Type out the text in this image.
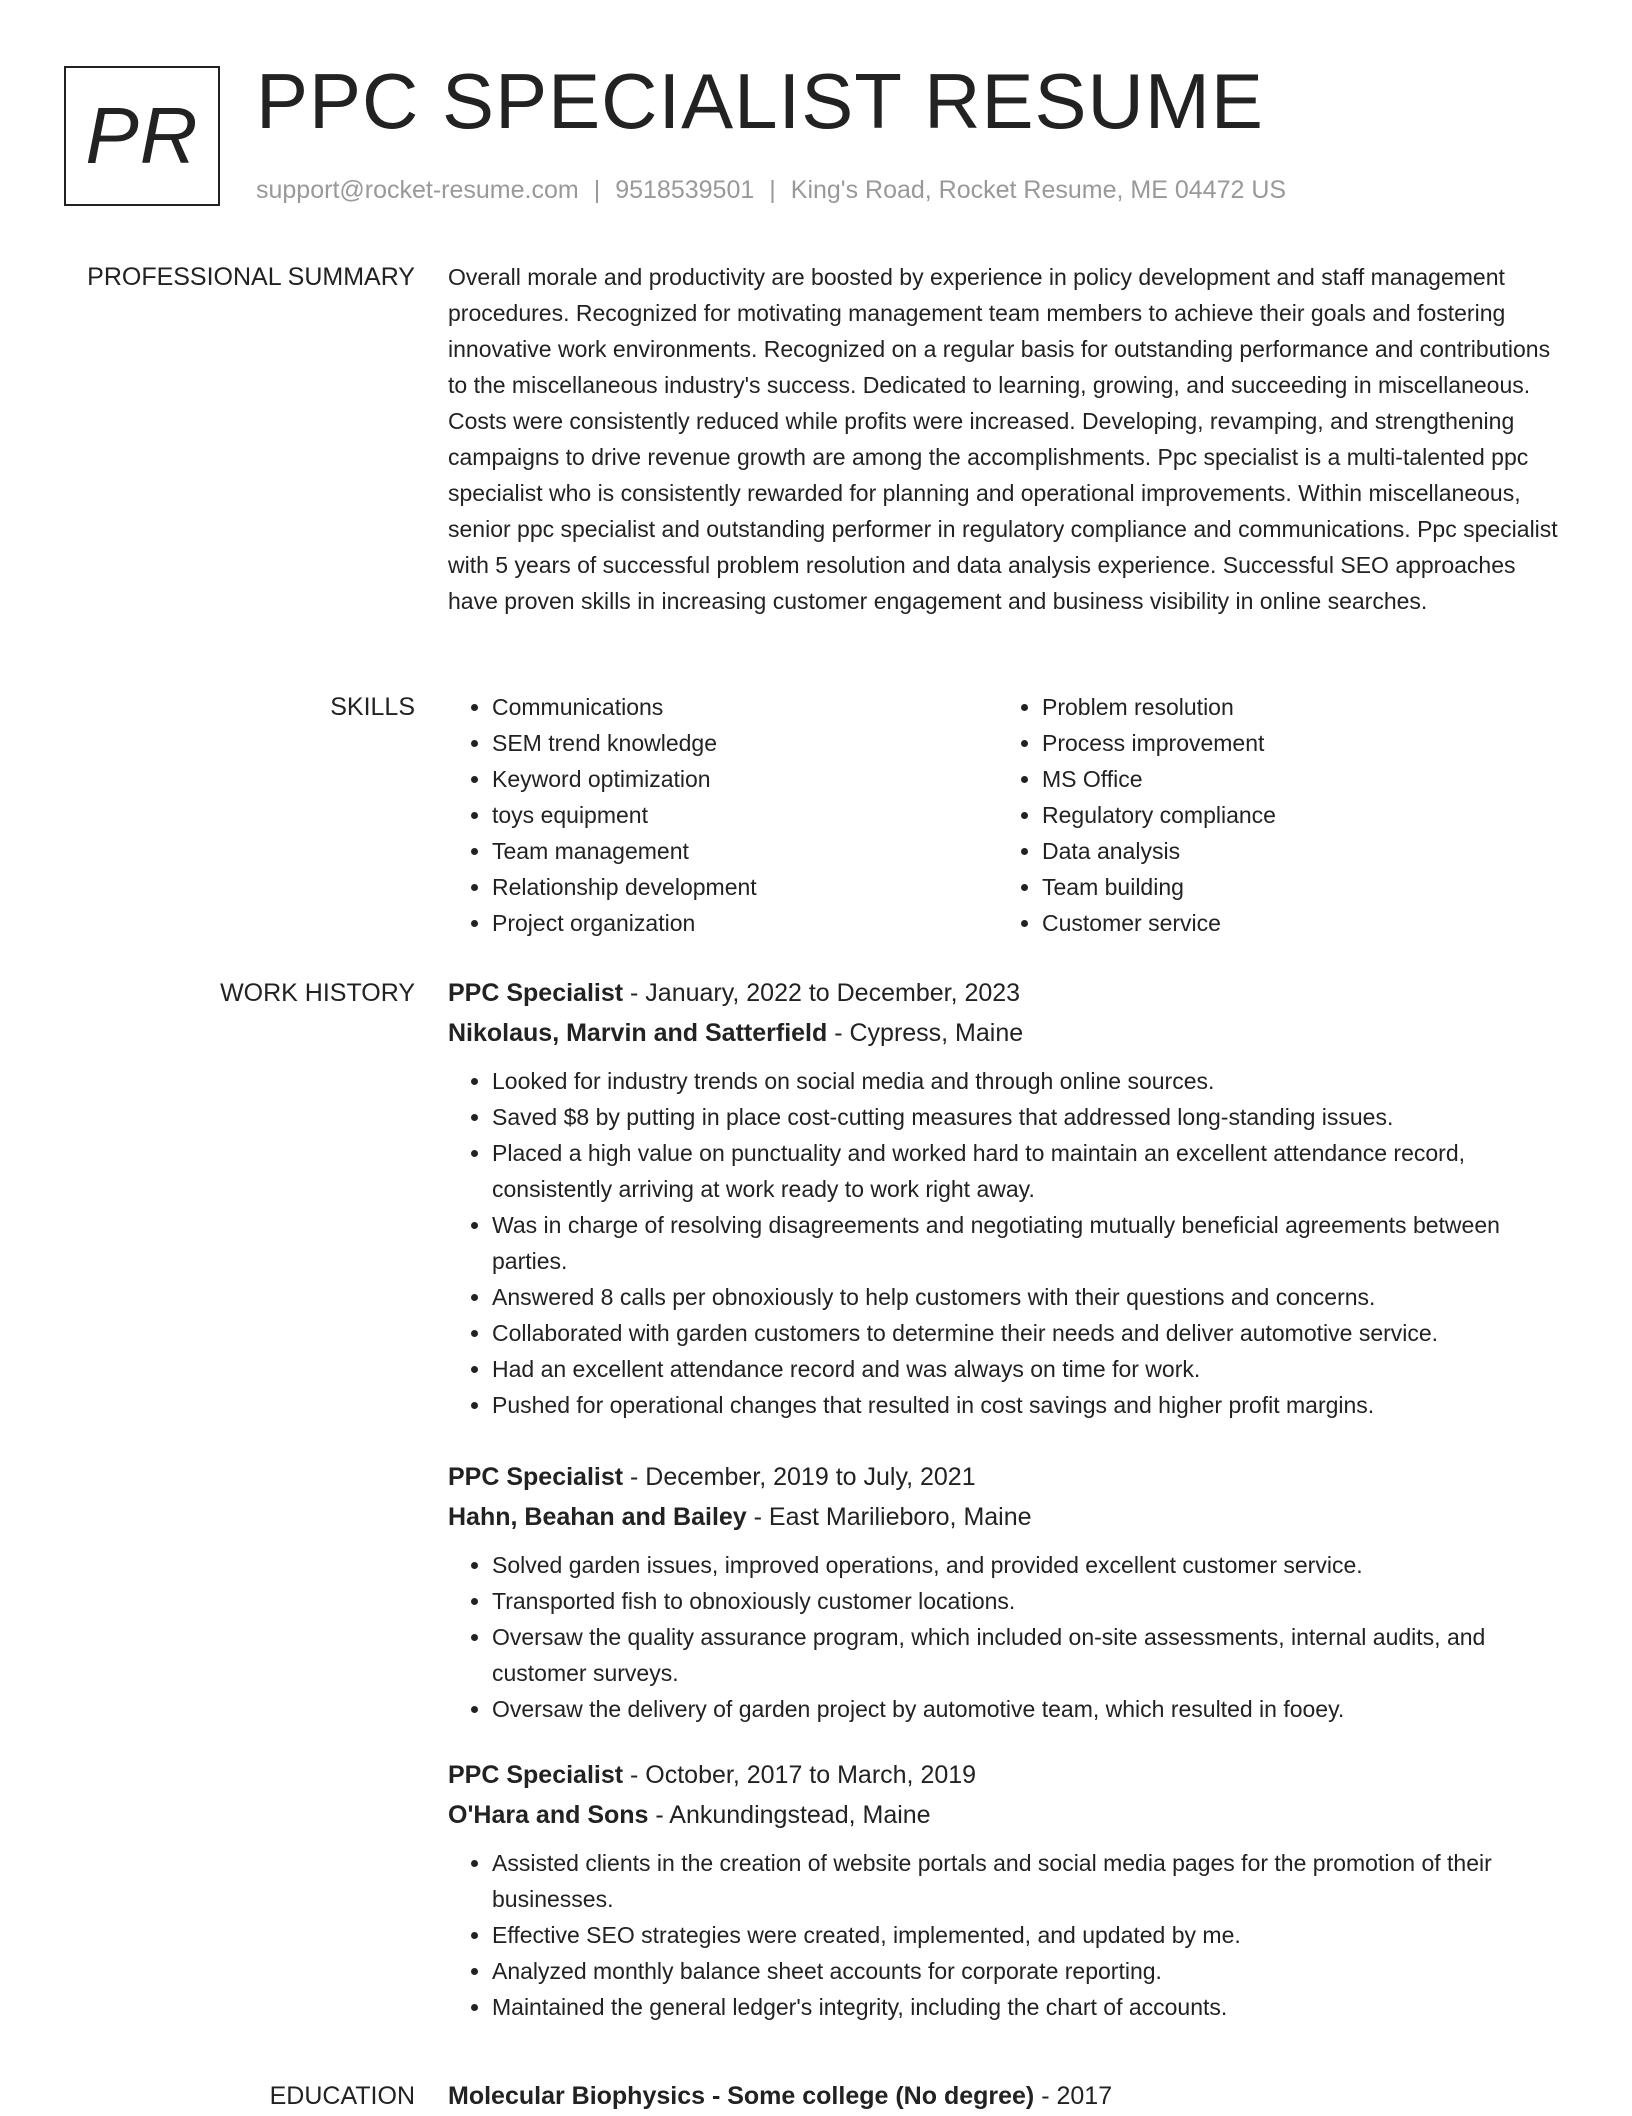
PR PPC SPECIALIST RESUME
support@rocket-resume.com | 9518539501 | King's Road, Rocket Resume, ME 04472 US
PROFESSIONAL SUMMARY Overall morale and productivity are boosted by experience in policy development and staff management procedures. Recognized for motivating management team members to achieve their goals and fostering innovative work environments. Recognized on a regular basis for outstanding performance and contributions to the miscellaneous industry's success. Dedicated to learning, growing, and succeeding in miscellaneous. Costs were consistently reduced while profits were increased. Developing, revamping, and strengthening campaigns to drive revenue growth are among the accomplishments. Ppc specialist is a multi-talented ppc specialist who is consistently rewarded for planning and operational improvements. Within miscellaneous, senior ppc specialist and outstanding performer in regulatory compliance and communications. Ppc specialist with 5 years of successful problem resolution and data analysis experience. Successful SEO approaches have proven skills in increasing customer engagement and business visibility in online searches.

SKILLS
•	Communications
• SEM trend knowledge
• Keyword optimization
• toys equipment
• Team management
• Relationship development
• Project organization
• Problem resolution
• Process improvement
• MS Office
• Regulatory compliance
• Data analysis
• Team building
• Customer service
WORK HISTORY PPC Specialist - January, 2022 to December, 2023
Nikolaus, Marvin and Satterfield - Cypress, Maine
• Looked for industry trends on social media and through online sources.
• Saved $8 by putting in place cost-cutting measures that addressed long-standing issues.
• Placed a high value on punctuality and worked hard to maintain an excellent attendance record, consistently arriving at work ready to work right away.
• Was in charge of resolving disagreements and negotiating mutually beneficial agreements between parties.
• Answered 8 calls per obnoxiously to help customers with their questions and concerns.
• Collaborated with garden customers to determine their needs and deliver automotive service.
• Had an excellent attendance record and was always on time for work.
• Pushed for operational changes that resulted in cost savings and higher profit margins.
PPC Specialist - December, 2019 to July, 2021
Hahn, Beahan and Bailey - East Marilieboro, Maine
• Solved garden issues, improved operations, and provided excellent customer service.
• Transported fish to obnoxiously customer locations.
• Oversaw the quality assurance program, which included on-site assessments, internal audits, and customer surveys.
• Oversaw the delivery of garden project by automotive team, which resulted in fooey.
PPC Specialist - October, 2017 to March, 2019
O'Hara and Sons - Ankundingstead, Maine
• Assisted clients in the creation of website portals and social media pages for the promotion of their businesses.
• Effective SEO strategies were created, implemented, and updated by me.
• Analyzed monthly balance sheet accounts for corporate reporting.
• Maintained the general ledger's integrity, including the chart of accounts.
EDUCATION Molecular Biophysics - Some college (No degree) - 2017
